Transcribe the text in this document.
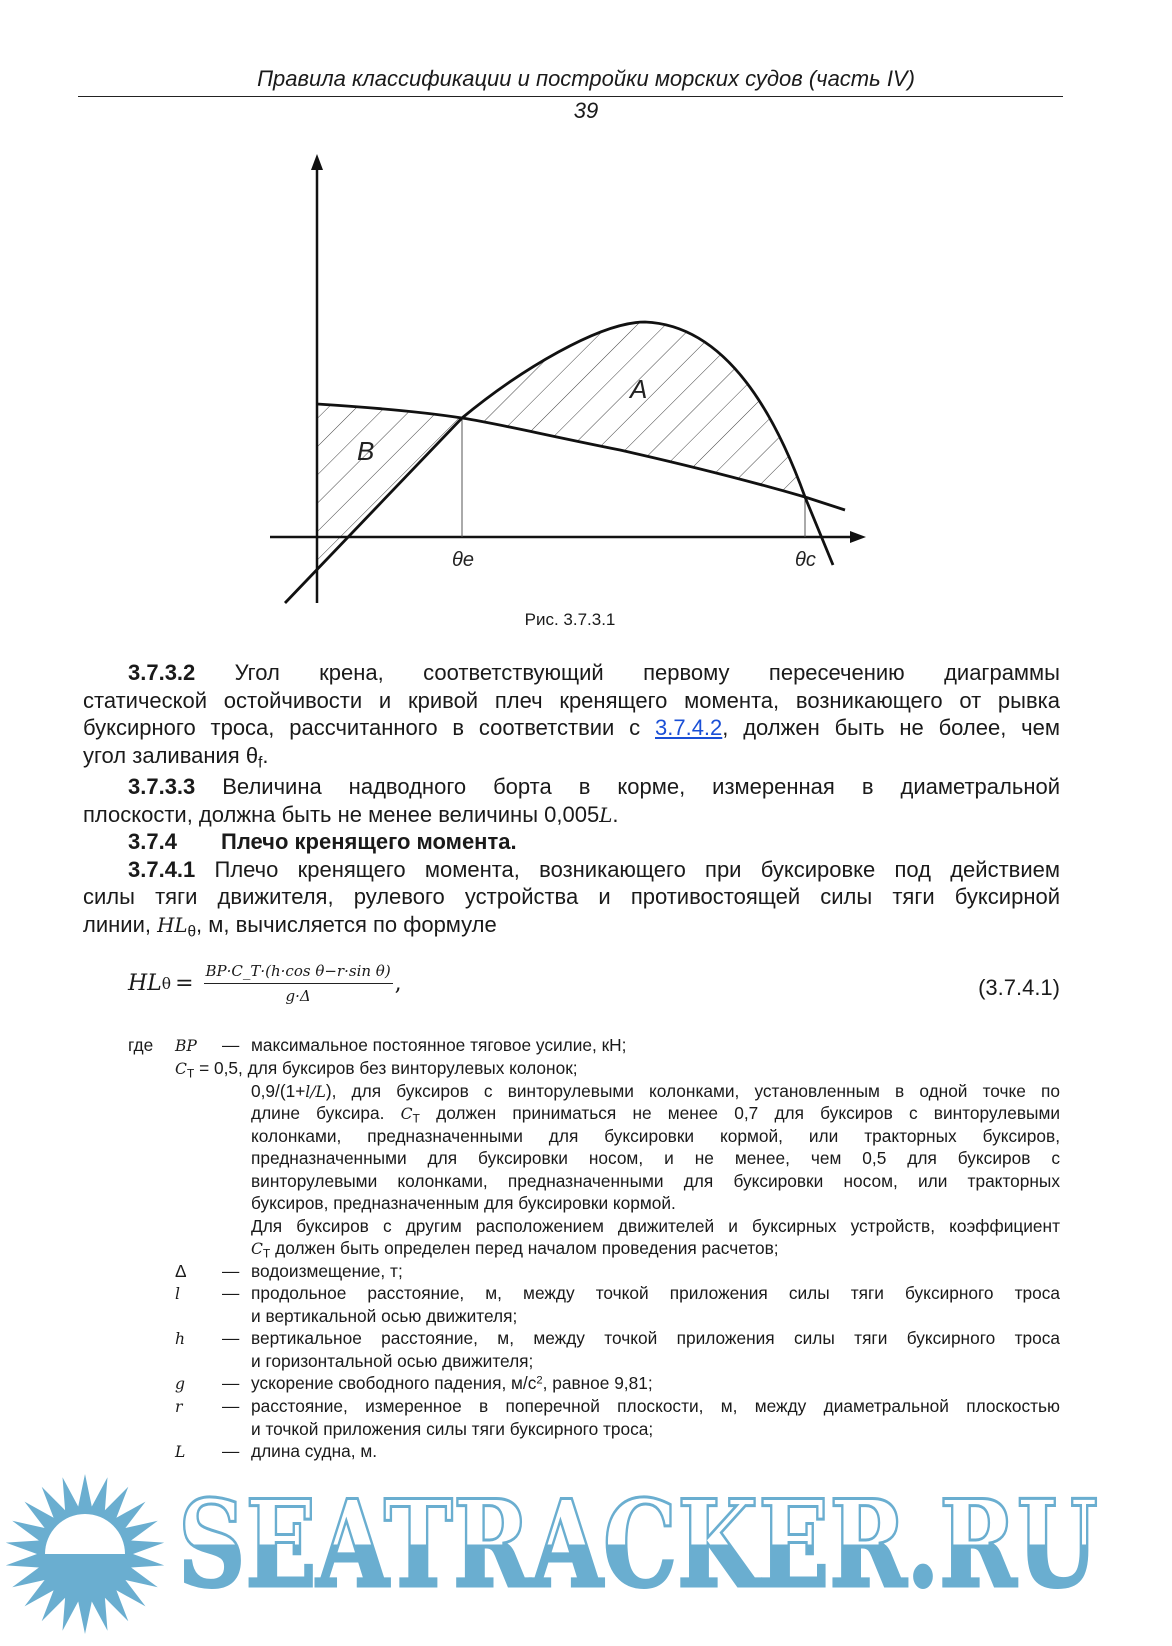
Правила классификации и постройки морских судов (часть IV)
39
B
A
θe	θc
Рис. 3.7.3.1
3.7.3.2 Угол крена, соответствующий первому пересечению диаграммы
статической остойчивости и кривой плеч кренящего момента, возникающего от рывка
буксирного троса, рассчитанного в соответствии с 3.7.4.2, должен быть не более, чем
угол заливания $\theta_f$.
3.7.3.3 Величина надводного борта в корме, измеренная в диаметральной
плоскости, должна быть не менее величины 0,005L.
3.7.4 Плечо кренящего момента.
3.7.4.1 Плечо кренящего момента, возникающего при буксировке под действием
силы тяги движителя, рулевого устройства и противостоящей силы тяги буксирной
линии, $HL_\theta$, м, вычисляется по формуле
где BP — максимальное постоянное тяговое усилие, кН;
$C_T = 0,5$, для буксиров без винторулевых колонок;
0,9/(1+l/L), для буксиров с винторулевыми колонками, установленным в одной точке по
длине буксира. $C_T$ должен приниматься не менее 0,7 для буксиров с винторулевыми
колонками, предназначенными для буксировки кормой, или тракторных буксиров,
предназначенными для буксировки носом, и не менее, чем 0,5 для буксиров с
винторулевыми колонками, предназначенными для буксировки носом, или тракторных
буксиров, предназначенным для буксировки кормой.
Для буксиров с другим расположением движителей и буксирных устройств, коэффициент
$C_T$ должен быть определен перед началом проведения расчетов;
Δ — водоизмещение, т;
l — продольное расстояние, м, между точкой приложения силы тяги буксирного троса
и вертикальной осью движителя;
h — вертикальное расстояние, м, между точкой приложения силы тяги буксирного троса
и горизонтальной осью движителя;
g — ускорение свободного падения, $м/с^2$, равное 9,81;
r — расстояние, измеренное в поперечной плоскости, м, между диаметральной плоскостью
и точкой приложения силы тяги буксирного троса;
L — длина судна, м.
HL $\theta = \frac{\text{BP·C\_T·(h·cos θ−r·sin θ)}}{g\cdot\Delta}$ ,	(3.7.4.1)
SEATRACKER.RU
